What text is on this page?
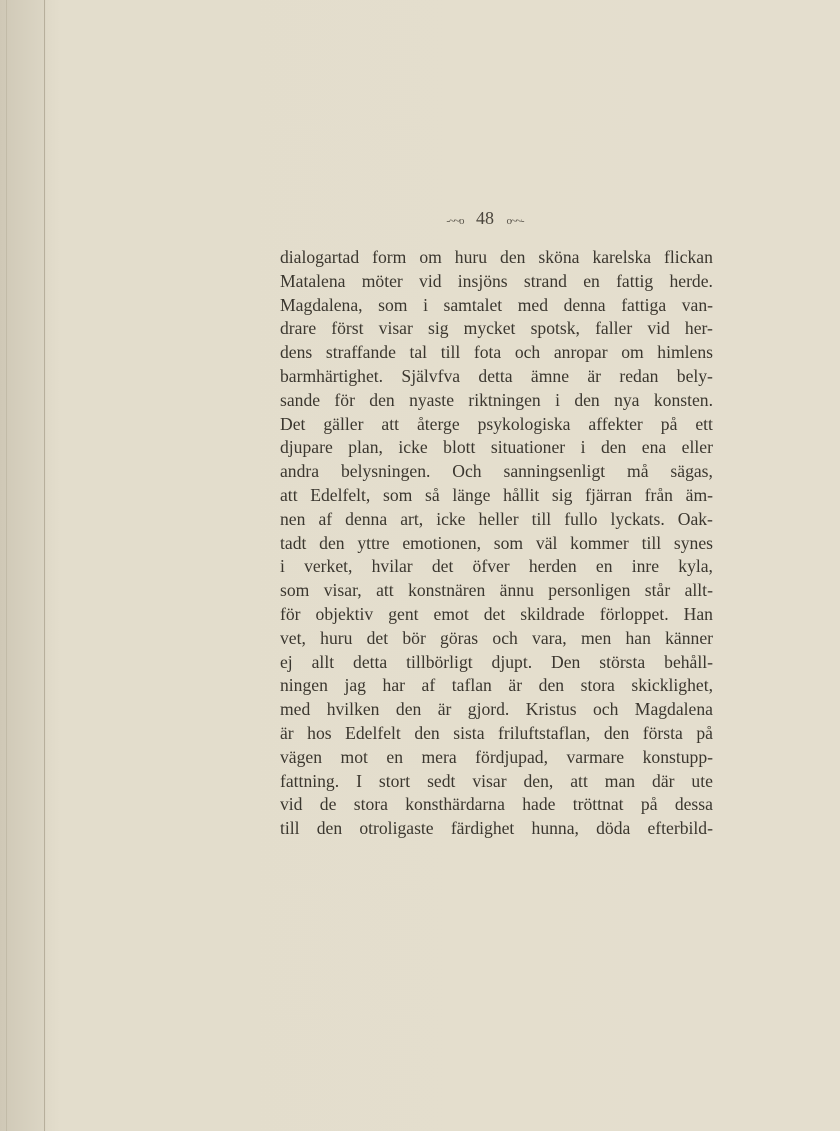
-~~o 48 o~~-
dialogartad form om huru den sköna karelska flickan
Matalena möter vid insjöns strand en fattig herde.
Magdalena, som i samtalet med denna fattiga van-
drare först visar sig mycket spotsk, faller vid her-
dens straffande tal till fota och anropar om himlens
barmhärtighet. Självfva detta ämne är redan bely-
sande för den nyaste riktningen i den nya konsten.
Det gäller att återge psykologiska affekter på ett
djupare plan, icke blott situationer i den ena eller
andra belysningen. Och sanningsenligt må sägas,
att Edelfelt, som så länge hållit sig fjärran från äm-
nen af denna art, icke heller till fullo lyckats. Oak-
tadt den yttre emotionen, som väl kommer till synes
i verket, hvilar det öfver herden en inre kyla,
som visar, att konstnären ännu personligen står allt-
för objektiv gent emot det skildrade förloppet. Han
vet, huru det bör göras och vara, men han känner
ej allt detta tillbörligt djupt. Den största behåll-
ningen jag har af taflan är den stora skicklighet,
med hvilken den är gjord. Kristus och Magdalena
är hos Edelfelt den sista friluftstaflan, den första på
vägen mot en mera fördjupad, varmare konstupp-
fattning. I stort sedt visar den, att man där ute
vid de stora konsthärdarna hade tröttnat på dessa
till den otroligaste färdighet hunna, döda efterbild-
